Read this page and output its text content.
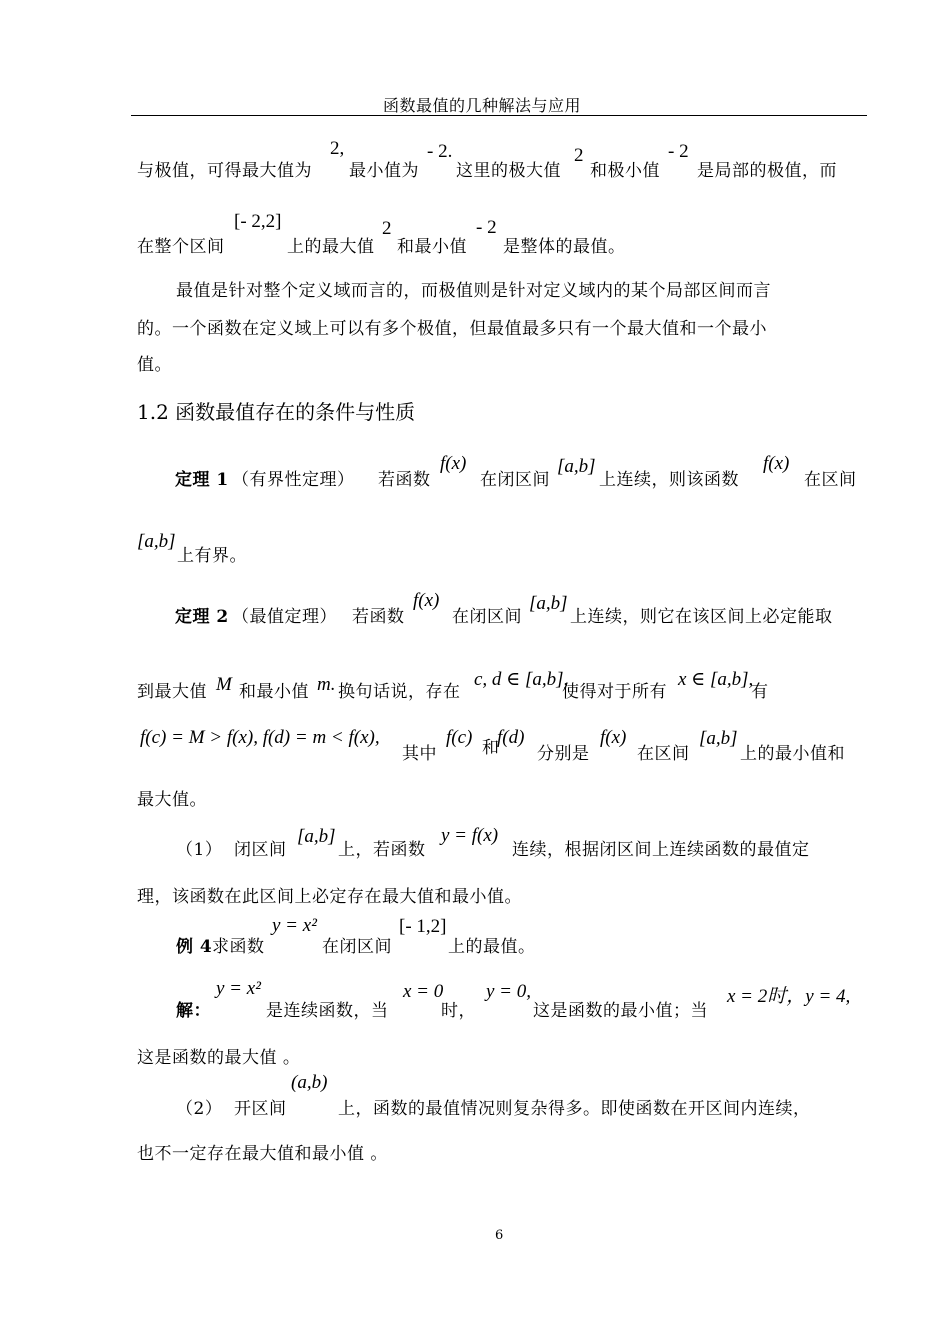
函数最值的几种解法与应用
与极值，可得最大值为
2,
最小值为
- 2.
这里的极大值
2
和极小值
- 2
是局部的极值，而
在整个区间
[- 2,2]
上的最大值
2
和最小值
- 2
是整体的最值。
最值是针对整个定义域而言的，而极值则是针对定义域内的某个局部区间而言
的。一个函数在定义域上可以有多个极值，但最值最多只有一个最大值和一个最小
值。
1.2 函数最值存在的条件与性质
定理 1 （有界性定理） 若函数
f(x)
在闭区间
[a,b]
上连续，则该函数
f(x)
在区间
[a,b]
上有界。
定理 2 （最值定理） 若函数
f(x)
在闭区间
[a,b]
上连续，则它在该区间上必定能取
到最大值 M 和最小值 m. 换句话说，存在
c, d ∈ [a,b],
使得对于所有
x ∈ [a,b],
有
f(c) = M > f(x), f(d) = m < f(x),
其中
f(c) 和
f(d)
分别是
f(x)
在区间
[a,b]
上的最小值和
最大值。
（1） 闭区间
[a,b]
上，若函数
y = f(x)
连续，根据闭区间上连续函数的最值定
理，该函数在此区间上必定存在最大值和最小值。
例 4 求函数
y = x²
在闭区间
[- 1,2]
上的最值。
解：
y = x²
是连续函数，当
x = 0
时，
y = 0,
这是函数的最小值；当
x = 2时，y = 4,
这是函数的最大值 。
（2） 开区间
(a,b)
上，函数的最值情况则复杂得多。即使函数在开区间内连续，
也不一定存在最大值和最小值 。
6
